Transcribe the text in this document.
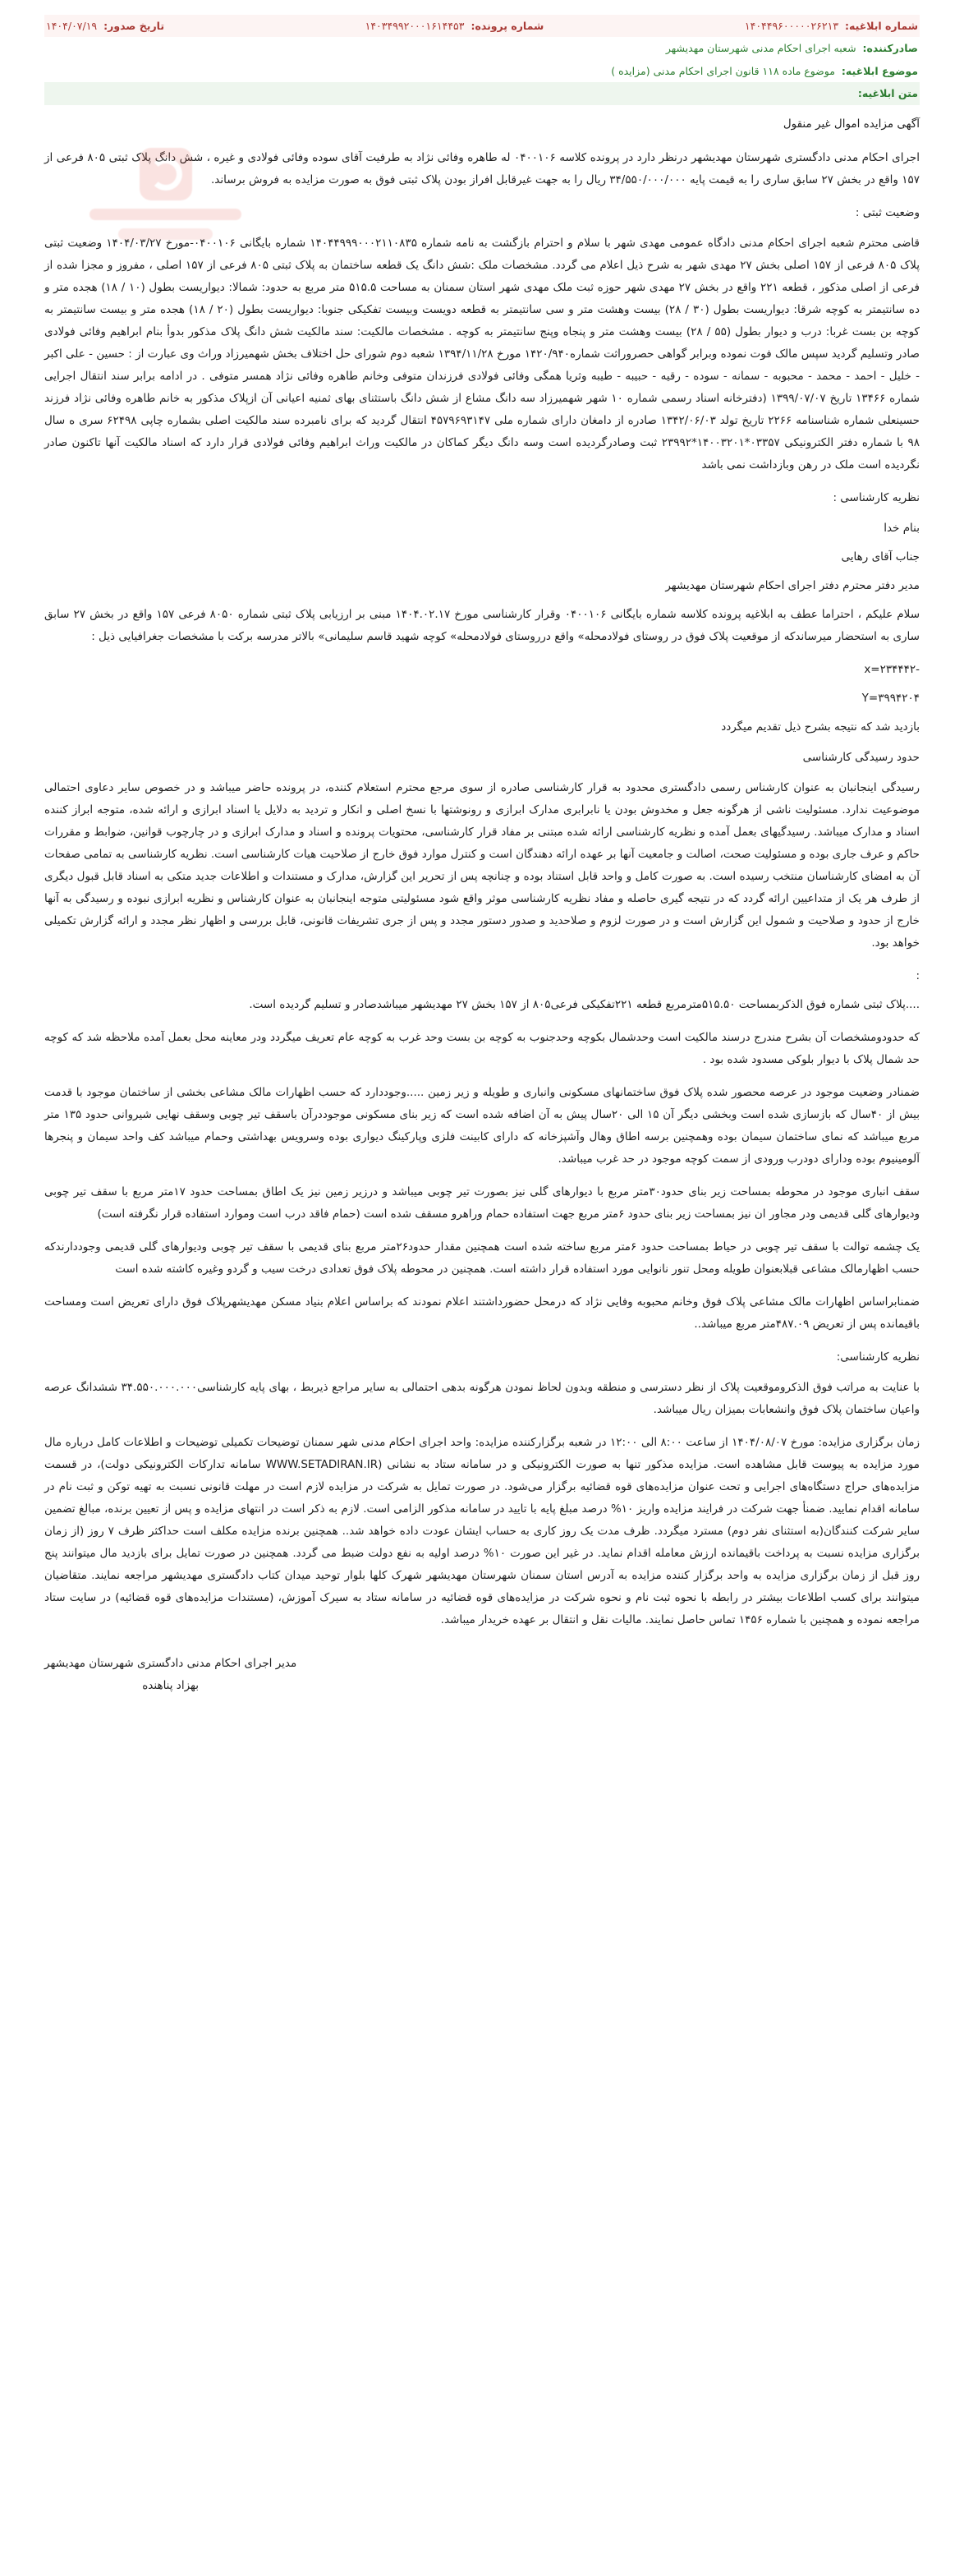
شماره ابلاغیه: ۱۴۰۴۴۹۶۰۰۰۰۰۲۶۲۱۳
شماره پرونده: ۱۴۰۳۴۹۹۲۰۰۰۱۶۱۴۴۵۳
تاریخ صدور: ۱۴۰۴/۰۷/۱۹
صادرکننده: شعبه اجرای احکام مدنی شهرستان مهدیشهر
موضوع ابلاغیه: موضوع ماده ۱۱۸ قانون اجرای احکام مدنی (مزایده )
متن ابلاغیه:
آگهی مزایده اموال غیر منقول
اجرای احکام مدنی دادگستری شهرستان مهدیشهر درنظر دارد در پرونده کلاسه ۰۴۰۰۱۰۶ له طاهره وفائی نژاد به طرفیت آقای سوده وفائی فولادی و غیره ، شش دانگ پلاک ثبتی ۸۰۵ فرعی از ۱۵۷ واقع در بخش ۲۷ سابق ساری را به قیمت پایه ۳۴/۵۵۰/۰۰۰/۰۰۰ ریال را به جهت غیرقابل افراز بودن پلاک ثبتی فوق به صورت مزایده به فروش برساند.
وضعیت ثبتی :
قاضی محترم شعبه اجرای احکام مدنی دادگاه عمومی مهدی شهر با سلام و احترام بازگشت به نامه شماره ۱۴۰۴۴۹۹۹۰۰۰۲۱۱۰۸۳۵ شماره بایگانی ۰۴۰۰۱۰۶-مورخ ۱۴۰۴/۰۳/۲۷ وضعیت ثبتی پلاک ۸۰۵ فرعی از ۱۵۷ اصلی بخش ۲۷ مهدی شهر به شرح ذیل اعلام می گردد. مشخصات ملک :شش دانگ یک قطعه ساختمان به پلاک ثبتی ۸۰۵ فرعی از ۱۵۷ اصلی ، مفروز و مجزا شده از فرعی از اصلی مذکور ، قطعه ۲۲۱ واقع در بخش ۲۷ مهدی شهر حوزه ثبت ملک مهدی شهر استان سمنان به مساحت ۵۱۵.۵ متر مربع به حدود: شمالا: دیواریست بطول (۱۰ / ۱۸) هجده متر و ده سانتیمتر به کوچه شرقا: دیواریست بطول (۳۰ / ۲۸) بیست وهشت متر و سی سانتیمتر به قطعه دویست وبیست تفکیکی جنوبا: دیواریست بطول (۲۰ / ۱۸) هجده متر و بیست سانتیمتر به کوچه بن بست غربا: درب و دیوار بطول (۵۵ / ۲۸) بیست وهشت متر و پنجاه وپنج سانتیمتر به کوچه . مشخصات مالکیت: سند مالکیت شش دانگ پلاک مذکور بدوأ بنام ابراهیم وفائی فولادی صادر وتسلیم گردید سپس مالک فوت نموده وبرابر گواهی حصروراثت شماره۱۴۲۰/۹۴۰ مورخ ۱۳۹۴/۱۱/۲۸ شعبه دوم شورای حل اختلاف بخش شهمیرزاد وراث وی عبارت از : حسین - علی اکبر - خلیل - احمد - محمد - محبوبه - سمانه - سوده - رقیه - حبیبه - طیبه وثریا همگی وفائی فولادی فرزندان متوفی وخانم طاهره وفائی نژاد همسر متوفی . در ادامه برابر سند انتقال اجرایی شماره ۱۳۴۶۶ تاریخ ۱۳۹۹/۰۷/۰۷ (دفترخانه اسناد رسمی شماره ۱۰ شهر شهمیرزاد سه دانگ مشاع از شش دانگ باستثنای بهای ثمنیه اعیانی آن ازپلاک مذکور به خانم طاهره وفائی نژاد فرزند حسینعلی شماره شناسنامه ۲۲۶۶ تاریخ تولد ۱۳۴۲/۰۶/۰۳ صادره از دامغان دارای شماره ملی ۴۵۷۹۶۹۳۱۴۷ انتقال گردید که برای نامبرده سند مالکیت اصلی بشماره چاپی ۶۲۴۹۸ سری ه سال ۹۸ با شماره دفتر الکترونیکی ۰۳۳۵۷*۱۴۰۰۳۲۰۱*۲۳۹۹۲ ثبت وصادرگردیده است وسه دانگ دیگر کماکان در مالکیت وراث ابراهیم وفائی فولادی قرار دارد که اسناد مالکیت آنها تاکنون صادر نگردیده است ملک در رهن وبازداشت نمی باشد
نظریه کارشناسی :
بنام خدا
جناب آقای رهایی
مدیر دفتر محترم دفتر اجرای احکام شهرستان مهدیشهر
سلام علیکم ، احتراما عطف به ابلاغیه پرونده کلاسه شماره بایگانی ۰۴۰۰۱۰۶ وقرار کارشناسی مورخ ۱۴۰۴.۰۲.۱۷ مبنی بر ارزیابی پلاک ثبتی شماره ۸۰۵۰ فرعی ۱۵۷ واقع در بخش ۲۷ سابق ساری به استحضار میرساندکه از موقعیت پلاک فوق در روستای فولادمحله» واقع درروستای فولادمحله» کوچه شهید قاسم سلیمانی» بالاتر مدرسه برکت با مشخصات جغرافیایی ذیل :
-x=۲۳۴۴۴۲
Y=۳۹۹۴۲۰۴
بازدید شد که نتیجه بشرح ذیل تقدیم میگردد
حدود رسیدگی کارشناسی
رسیدگی اینجانبان به عنوان کارشناس رسمی دادگستری محدود به قرار کارشناسی صادره از سوی مرجع محترم استعلام کننده، در پرونده حاضر میباشد و در خصوص سایر دعاوی احتمالی موضوعیت ندارد. مسئولیت ناشی از هرگونه جعل و مخدوش بودن یا نابرابری مدارک ابرازی و رونوشتها با نسخ اصلی و انکار و تردید به دلایل یا اسناد ابرازی و ارائه شده، متوجه ابراز کننده اسناد و مدارک میباشد. رسیدگیهای بعمل آمده و نظریه کارشناسی ارائه شده مبتنی بر مفاد قرار کارشناسی، محتویات پرونده و اسناد و مدارک ابرازی و در چارچوب قوانین، ضوابط و مقررات حاکم و عرف جاری بوده و مسئولیت صحت، اصالت و جامعیت آنها بر عهده ارائه دهندگان است و کنترل موارد فوق خارج از صلاحیت هیات کارشناسی است. نظریه کارشناسی به تمامی صفحات آن به امضای کارشناسان منتخب رسیده است. به صورت کامل و واحد قابل استناد بوده و چنانچه پس از تحریر این گزارش، مدارک و مستندات و اطلاعات جدید متکی به اسناد قابل قبول دیگری از طرف هر یک از متداعیین ارائه گردد که در نتیجه گیری حاصله و مفاد نظریه کارشناسی موثر واقع شود مسئولیتی متوجه اینجانبان به عنوان کارشناس و نظریه ابرازی نبوده و رسیدگی به آنها خارج از حدود و صلاحیت و شمول این گزارش است و در صورت لزوم و صلاحدید و صدور دستور مجدد و پس از جری تشریفات قانونی، قابل بررسی و اظهار نظر مجدد و ارائه گزارش تکمیلی خواهد بود.
:
....پلاک ثبتی شماره فوق الذکربمساحت ۵۱۵.۵۰مترمربع قطعه ۲۲۱تفکیکی فرعی۸۰۵ از ۱۵۷ بخش ۲۷ مهدیشهر میباشدصادر و تسلیم گردیده است.
که حدودومشخصات آن بشرح مندرج درسند مالکیت است وحدشمال بکوچه وحدجنوب به کوچه بن بست وحد غرب به کوچه عام تعریف میگردد ودر معاینه محل بعمل آمده ملاحظه شد که کوچه حد شمال پلاک با دیوار بلوکی مسدود شده بود .
ضمنادر وضعیت موجود در عرصه محصور شده پلاک فوق ساختمانهای مسکونی وانباری و طویله و زیر زمین .....وجوددارد که حسب اظهارات مالک مشاعی بخشی از ساختمان موجود با قدمت بیش از ۴۰سال که بازسازی شده است وبخشی دیگر آن ۱۵ الی ۲۰سال پیش به آن اضافه شده است که زیر بنای مسکونی موجوددرآن باسقف تیر چوبی وسقف نهایی شیروانی حدود ۱۳۵ متر مربع میباشد که نمای ساختمان سیمان بوده وهمچنین برسه اطاق وهال وآشپزخانه که دارای کابینت فلزی وپارکینگ دیواری بوده وسرویس بهداشتی وحمام میباشد کف واحد سیمان و پنجرها آلومینیوم بوده ودارای دودرب ورودی از سمت کوچه موجود در حد غرب میباشد.
سقف انباری موجود در محوطه بمساحت زیر بنای حدود۳۰متر مربع با دیوارهای گلی نیز بصورت تیر چوبی میباشد و درزیر زمین نیز یک اطاق بمساحت حدود ۱۷متر مربع با سقف تیر چوبی ودیوارهای گلی قدیمی ودر مجاور ان نیز بمساحت زیر بنای حدود ۶متر مربع جهت استفاده حمام وراهرو مسقف شده است (حمام فاقد درب است وموارد استفاده قرار نگرفته است)
یک چشمه توالت با سقف تیر چوبی در حیاط بمساحت حدود ۶متر مربع ساخته شده است همچنین مقدار حدود۲۶متر مربع بنای قدیمی با سقف تیر چوبی ودیوارهای گلی قدیمی وجوددارندکه حسب اظهارمالک مشاعی قبلابعنوان طویله ومحل تنور نانوایی مورد استفاده قرار داشته است. همچنین در محوطه پلاک فوق تعدادی درخت سیب و گردو وغیره کاشته شده است
ضمنابراساس اظهارات مالک مشاعی پلاک فوق وخانم محبوبه وفایی نژاد که درمحل حضورداشتند اعلام نمودند که براساس اعلام بنیاد مسکن مهدیشهرپلاک فوق دارای تعریض است ومساحت باقیمانده پس از تعریض ۴۸۷.۰۹متر مربع میباشد..
نظریه کارشناسی:
با عنایت به مراتب فوق الذکروموقعیت پلاک از نظر دسترسی و منطقه وبدون لحاظ نمودن هرگونه بدهی احتمالی به سایر مراجع ذیربط ، بهای پایه کارشناسی۳۴.۵۵۰.۰۰۰.۰۰۰ ششدانگ عرصه واعیان ساختمان پلاک فوق وانشعابات بمیزان ریال میباشد.
زمان برگزاری مزایده: مورخ ۱۴۰۴/۰۸/۰۷ از ساعت ۸:۰۰ الی ۱۲:۰۰ در شعبه برگزارکننده مزایده: واحد اجرای احکام مدنی شهر سمنان توضیحات تکمیلی توضیحات و اطلاعات کامل درباره مال مورد مزایده به پیوست قابل مشاهده است. مزایده مذکور تنها به صورت الکترونیکی و در سامانه ستاد به نشانی (WWW.SETADIRAN.IR سامانه تدارکات الکترونیکی دولت)، در قسمت مزایده‌های حراج دستگاه‌های اجرایی و تحت عنوان مزایده‌های قوه قضائیه برگزار می‌شود. در صورت تمایل به شرکت در مزایده لازم است در مهلت قانونی نسبت به تهیه توکن و ثبت نام در سامانه اقدام نمایید. ضمنأ جهت شرکت در فرایند مزایده واریز ۱۰% درصد مبلغ پایه با تایید در سامانه مذکور الزامی است. لازم به ذکر است در انتهای مزایده و پس از تعیین برنده، مبالغ تضمین سایر شرکت کنندگان(به استثنای نفر دوم) مسترد میگردد. ظرف مدت یک روز کاری به حساب ایشان عودت داده خواهد شد.. همچنین برنده مزایده مکلف است حداکثر ظرف ۷ روز (از زمان برگزاری مزایده نسبت به پرداخت باقیمانده ارزش معامله اقدام نماید. در غیر این صورت ۱۰% درصد اولیه به نفع دولت ضبط می گردد. همچنین در صورت تمایل برای بازدید مال میتوانند پنج روز قبل از زمان برگزاری مزایده به واحد برگزار کننده مزایده به آدرس استان سمنان شهرستان مهدیشهر شهرک کلها بلوار توحید میدان کتاب دادگستری مهدیشهر مراجعه نمایند. متقاضیان میتوانند برای کسب اطلاعات بیشتر در رابطه با نحوه ثبت نام و نحوه شرکت در مزایده‌های قوه قضائیه در سامانه ستاد به سیرک آموزش، (مستندات مزایده‌های قوه قضائیه) در سایت ستاد مراجعه نموده و همچنین با شماره ۱۴۵۶ تماس حاصل نمایند. مالیات نقل و انتقال بر عهده خریدار میباشد.
مدیر اجرای احکام مدنی دادگستری شهرستان مهدیشهر
بهزاد پناهنده
